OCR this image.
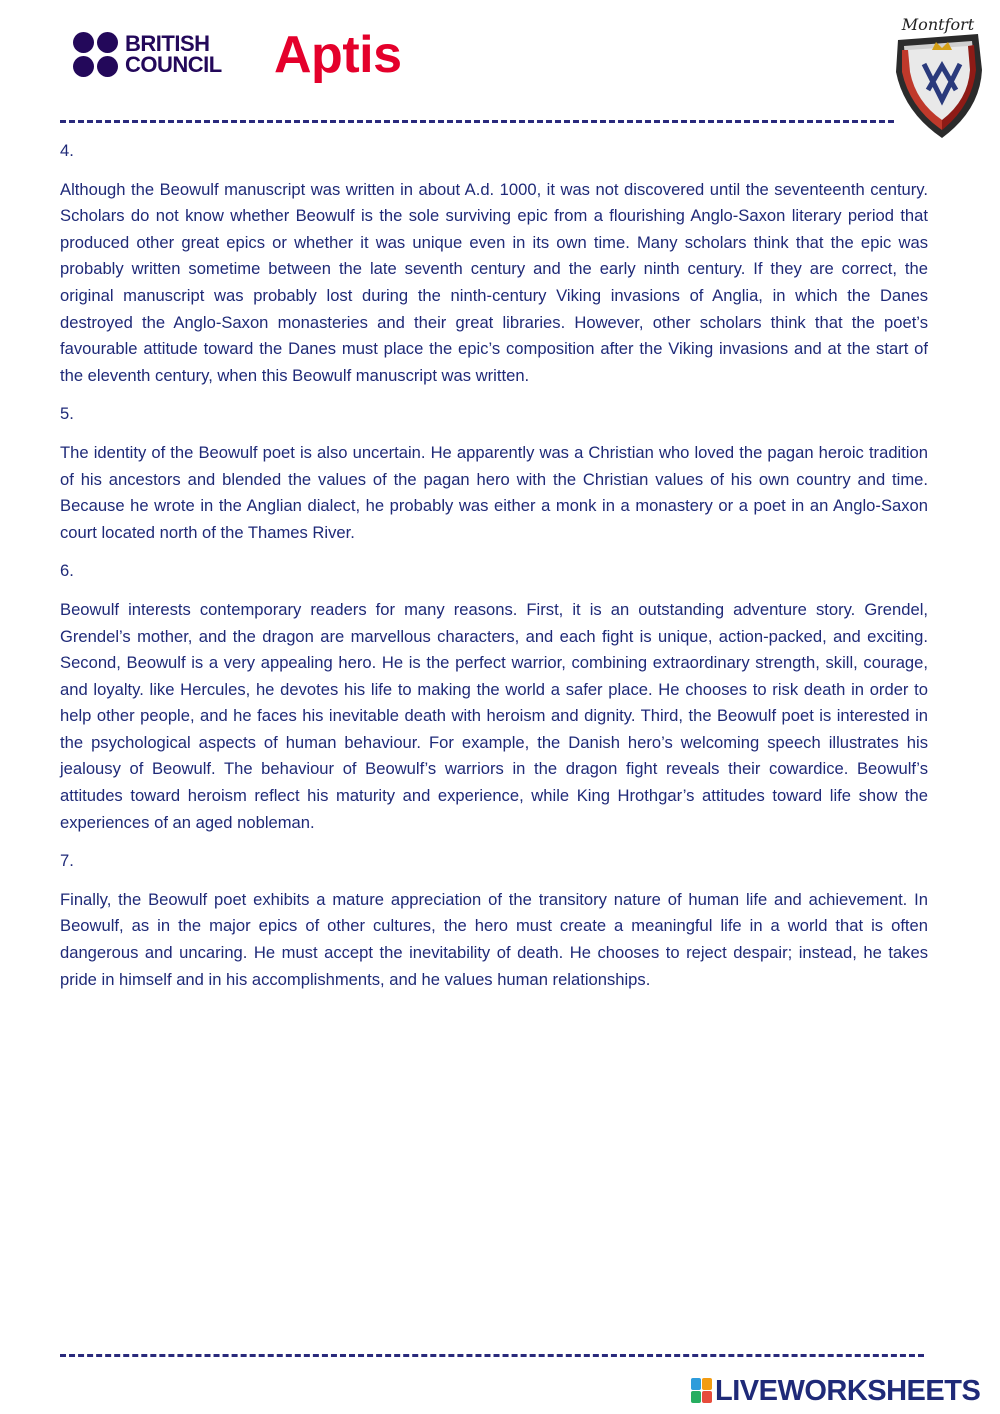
BRITISH
COUNCIL Aptis
Montfort

4.

Although the Beowulf manuscript was written in about A.d. 1000, it was not discovered until the seventeenth century. Scholars do not know whether Beowulf is the sole surviving epic from a flourishing Anglo-Saxon literary period that produced other great epics or whether it was unique even in its own time. Many scholars think that the epic was probably written sometime between the late seventh century and the early ninth century. If they are correct, the original manuscript was probably lost during the ninth-century Viking invasions of Anglia, in which the Danes destroyed the Anglo-Saxon monasteries and their great libraries. However, other scholars think that the poet’s favourable attitude toward the Danes must place the epic’s composition after the Viking invasions and at the start of the eleventh century, when this Beowulf manuscript was written.

5.

The identity of the Beowulf poet is also uncertain. He apparently was a Christian who loved the pagan heroic tradition of his ancestors and blended the values of the pagan hero with the Christian values of his own country and time. Because he wrote in the Anglian dialect, he probably was either a monk in a monastery or a poet in an Anglo-Saxon court located north of the Thames River.

6.

Beowulf interests contemporary readers for many reasons. First, it is an outstanding adventure story. Grendel, Grendel’s mother, and the dragon are marvellous characters, and each fight is unique, action-packed, and exciting. Second, Beowulf is a very appealing hero. He is the perfect warrior, combining extraordinary strength, skill, courage, and loyalty. like Hercules, he devotes his life to making the world a safer place. He chooses to risk death in order to help other people, and he faces his inevitable death with heroism and dignity. Third, the Beowulf poet is interested in the psychological aspects of human behaviour. For example, the Danish hero’s welcoming speech illustrates his jealousy of Beowulf. The behaviour of Beowulf’s warriors in the dragon fight reveals their cowardice. Beowulf’s attitudes toward heroism reflect his maturity and experience, while King Hrothgar’s attitudes toward life show the experiences of an aged nobleman.

7.

Finally, the Beowulf poet exhibits a mature appreciation of the transitory nature of human life and achievement. In Beowulf, as in the major epics of other cultures, the hero must create a meaningful life in a world that is often dangerous and uncaring. He must accept the inevitability of death. He chooses to reject despair; instead, he takes pride in himself and in his accomplishments, and he values human relationships.

LIVEWORKSHEETS
